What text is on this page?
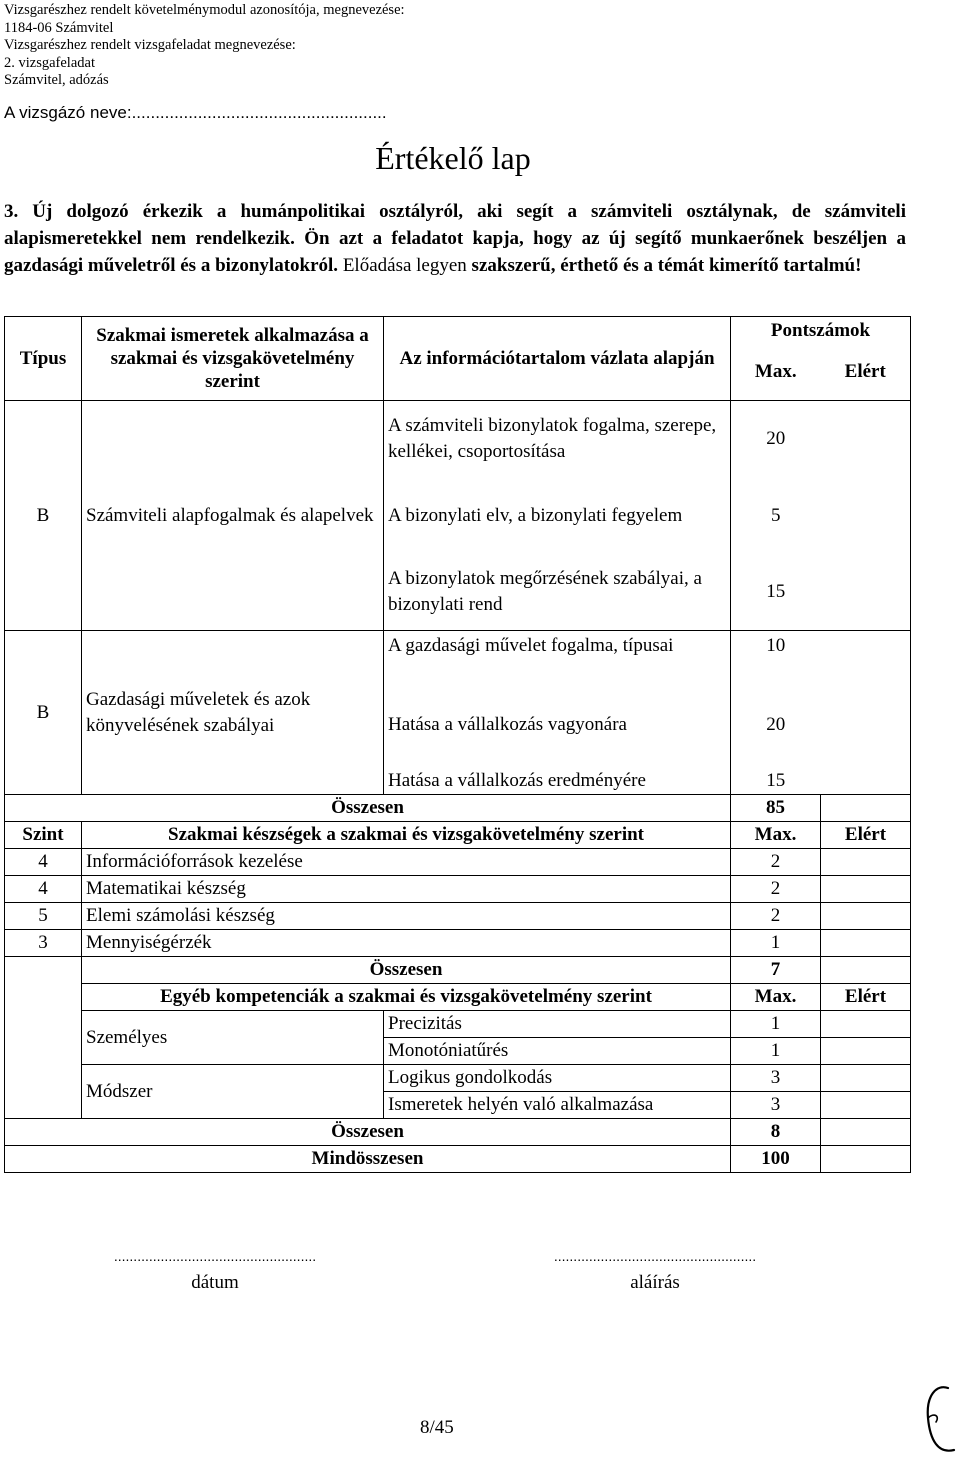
Vizsgarészhez rendelt követelménymodul azonosítója, megnevezése:
1184-06 Számvitel
Vizsgarészhez rendelt vizsgafeladat megnevezése:
2. vizsgafeladat
Számvitel, adózás
A vizsgázó neve:......................................................
Értékelő lap
3. Új dolgozó érkezik a humánpolitikai osztályról, aki segít a számviteli osztálynak, de számviteli alapismeretekkel nem rendelkezik. Ön azt a feladatot kapja, hogy az új segítő munkaerőnek beszéljen a gazdasági műveletről és a bizonylatokról. Előadása legyen szakszerű, érthető és a témát kimerítő tartalmú!
Típus	Szakmai ismeretek alkalmazása a szakmai és vizsgakövetelmény szerint	Az információtartalom vázlata alapján	Pontszámok	
			Max.	Elért
B	Számviteli alapfogalmak és alapelvek	A számviteli bizonylatok fogalma, szerepe, kellékei, csoportosítása	20	
		A bizonylati elv, a bizonylati fegyelem	5	
		A bizonylatok megőrzésének szabályai, a bizonylati rend	15	
B	Gazdasági műveletek és azok könyvelésének szabályai	A gazdasági művelet fogalma, típusai	10	
		Hatása a vállalkozás vagyonára	20	
		Hatása a vállalkozás eredményére	15	
Összesen			85	
Szint	Szakmai készségek a szakmai és vizsgakövetelmény szerint		Max.	Elért
4	Információforrások kezelése		2	
4	Matematikai készség		2	
5	Elemi számolási készség		2	
3	Mennyiségérzék		1	
	Összesen		7	
	Egyéb kompetenciák a szakmai és vizsgakövetelmény szerint		Max.	Elért
	Személyes	Precizitás	1	
		Monotóniatűrés	1	
	Módszer	Logikus gondolkodás	3	
		Ismeretek helyén való alkalmazása	3	
Összesen			8	
Mindösszesen			100	
....................................................
dátum
....................................................
aláírás
8/45
